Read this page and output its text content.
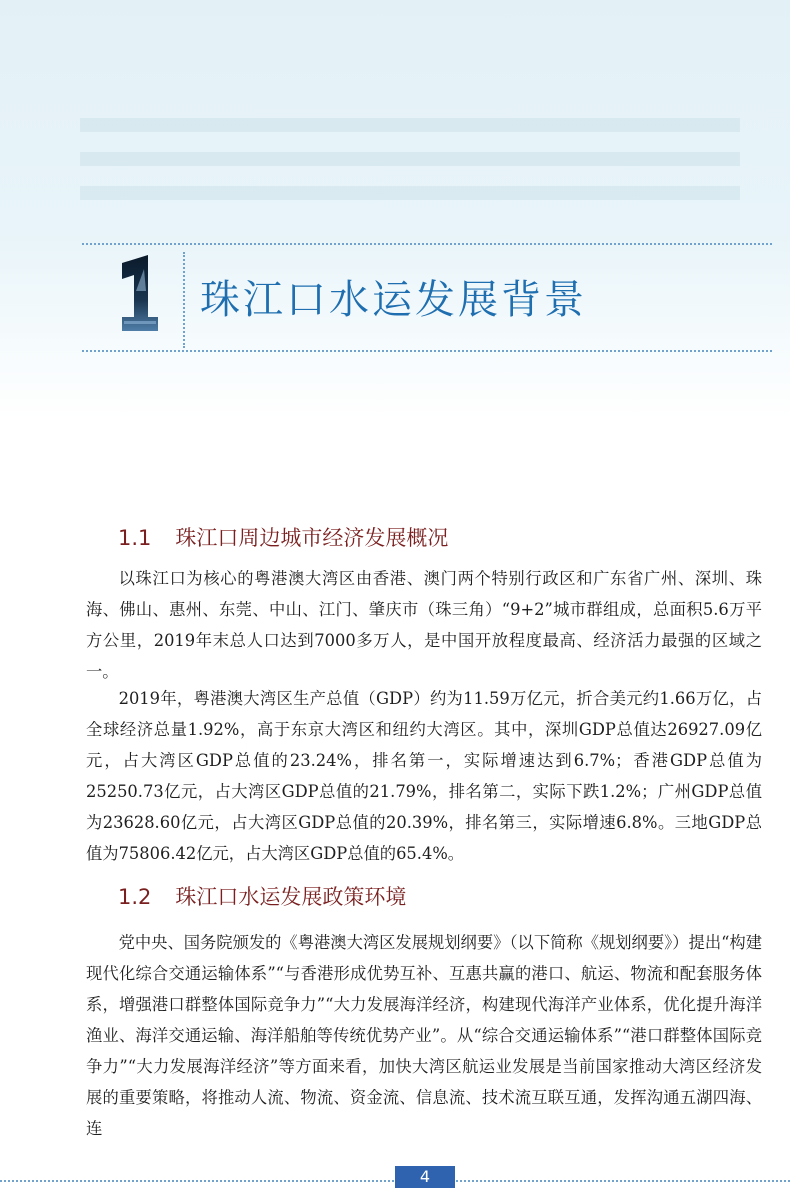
珠江口水运发展背景
1.1 珠江口周边城市经济发展概况
以珠江口为核心的粤港澳大湾区由香港、澳门两个特别行政区和广东省广州、深圳、珠海、佛山、惠州、东莞、中山、江门、肇庆市（珠三角）“9+2”城市群组成，总面积5.6万平方公里，2019年末总人口达到7000多万人，是中国开放程度最高、经济活力最强的区域之一。
2019年，粤港澳大湾区生产总值（GDP）约为11.59万亿元，折合美元约1.66万亿，占全球经济总量1.92%，高于东京大湾区和纽约大湾区。其中，深圳GDP总值达26927.09亿元，占大湾区GDP总值的23.24%，排名第一，实际增速达到6.7%；香港GDP总值为25250.73亿元，占大湾区GDP总值的21.79%，排名第二，实际下跌1.2%；广州GDP总值为23628.60亿元，占大湾区GDP总值的20.39%，排名第三，实际增速6.8%。三地GDP总值为75806.42亿元，占大湾区GDP总值的65.4%。
1.2 珠江口水运发展政策环境
党中央、国务院颁发的《粤港澳大湾区发展规划纲要》（以下简称《规划纲要》）提出“构建现代化综合交通运输体系”“与香港形成优势互补、互惠共赢的港口、航运、物流和配套服务体系，增强港口群整体国际竞争力”“大力发展海洋经济，构建现代海洋产业体系，优化提升海洋渔业、海洋交通运输、海洋船舶等传统优势产业”。从“综合交通运输体系”“港口群整体国际竞争力”“大力发展海洋经济”等方面来看，加快大湾区航运业发展是当前国家推动大湾区经济发展的重要策略，将推动人流、物流、资金流、信息流、技术流互联互通，发挥沟通五湖四海、连
4
